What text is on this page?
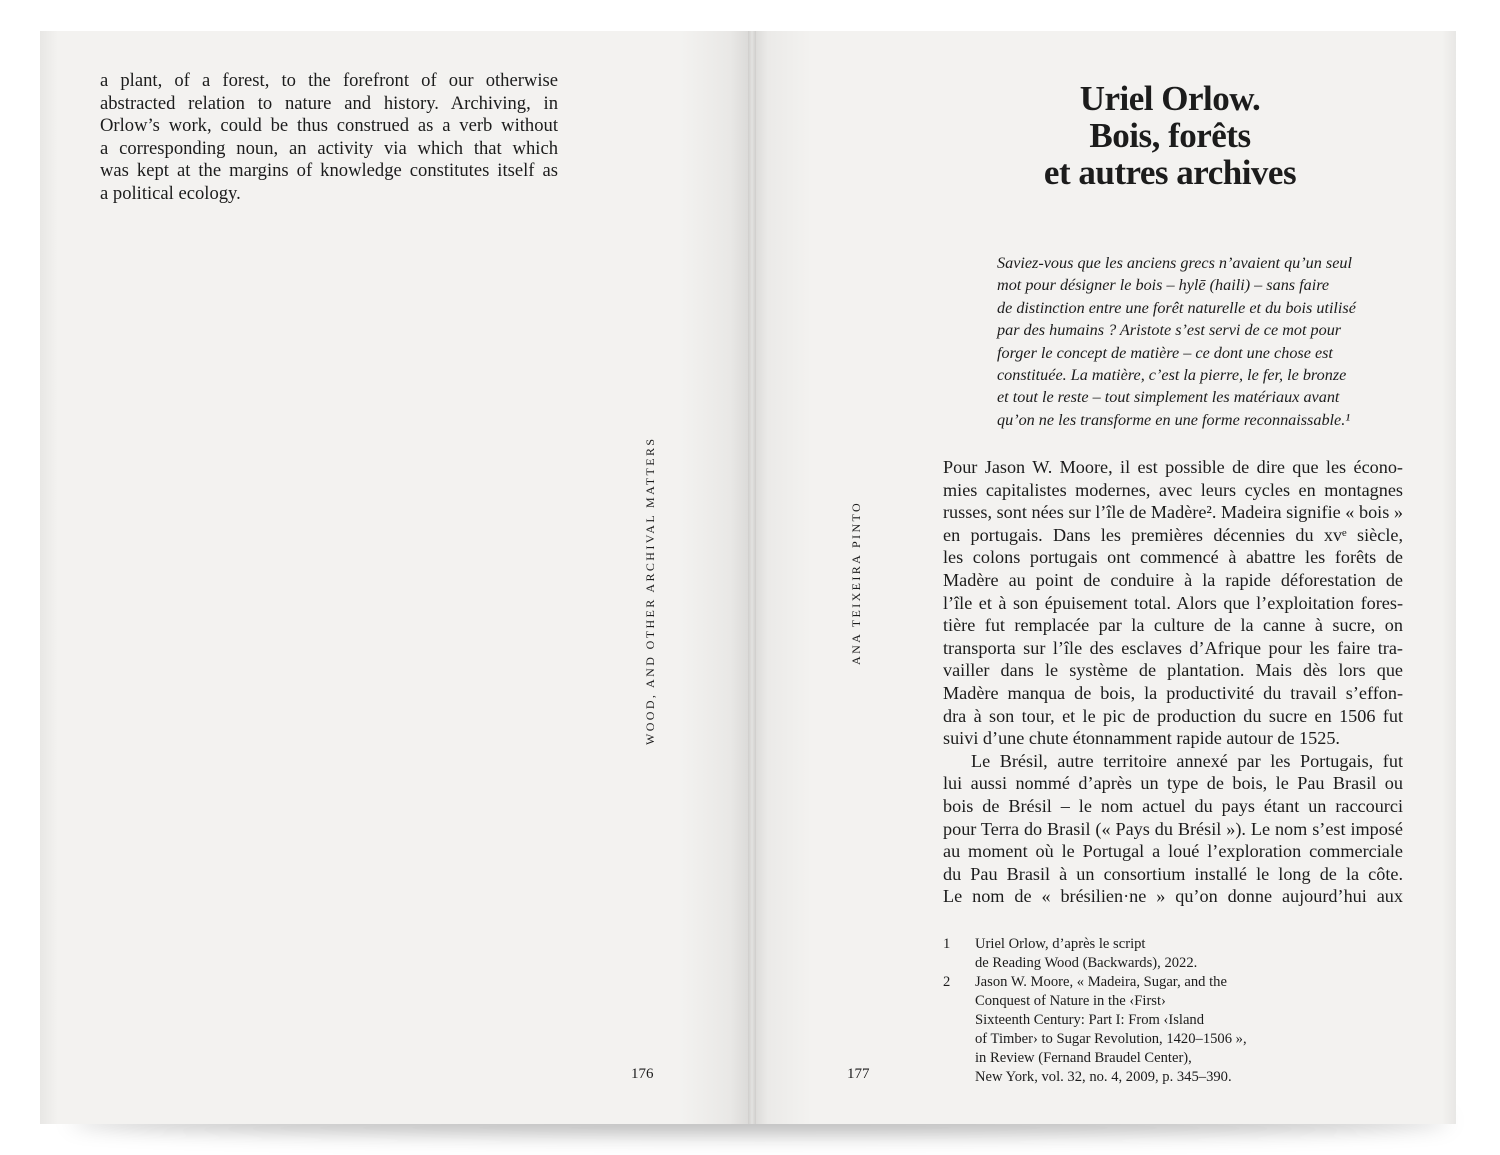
a plant, of a forest, to the forefront of our otherwise
abstracted relation to nature and history. Archiving, in
Orlow’s work, could be thus construed as a verb without
a corresponding noun, an activity via which that which
was kept at the margins of knowledge constitutes itself as
a political ecology.
WOOD, AND OTHER ARCHIVAL MATTERS
176
ANA TEIXEIRA PINTO
177
Uriel Orlow.
Bois, forêts
et autres archives
Saviez-vous que les anciens grecs n’avaient qu’un seul
mot pour désigner le bois – hylē (haili) – sans faire
de distinction entre une forêt naturelle et du bois utilisé
par des humains ? Aristote s’est servi de ce mot pour
forger le concept de matière – ce dont une chose est
constituée. La matière, c’est la pierre, le fer, le bronze
et tout le reste – tout simplement les matériaux avant
qu’on ne les transforme en une forme reconnaissable.¹
Pour Jason W. Moore, il est possible de dire que les écono-
mies capitalistes modernes, avec leurs cycles en montagnes
russes, sont nées sur l’île de Madère². Madeira signifie « bois »
en portugais. Dans les premières décennies du xvᵉ siècle,
les colons portugais ont commencé à abattre les forêts de
Madère au point de conduire à la rapide déforestation de
l’île et à son épuisement total. Alors que l’exploitation fores-
tière fut remplacée par la culture de la canne à sucre, on
transporta sur l’île des esclaves d’Afrique pour les faire tra-
vailler dans le système de plantation. Mais dès lors que
Madère manqua de bois, la productivité du travail s’effon-
dra à son tour, et le pic de production du sucre en 1506 fut
suivi d’une chute étonnamment rapide autour de 1525.
Le Brésil, autre territoire annexé par les Portugais, fut
lui aussi nommé d’après un type de bois, le Pau Brasil ou
bois de Brésil – le nom actuel du pays étant un raccourci
pour Terra do Brasil (« Pays du Brésil »). Le nom s’est imposé
au moment où le Portugal a loué l’exploration commerciale
du Pau Brasil à un consortium installé le long de la côte.
Le nom de « brésilien·ne » qu’on donne aujourd’hui aux
1 Uriel Orlow, d’après le script
de Reading Wood (Backwards), 2022.
2 Jason W. Moore, « Madeira, Sugar, and the
Conquest of Nature in the ‹First›
Sixteenth Century: Part I: From ‹Island
of Timber› to Sugar Revolution, 1420–1506 »,
in Review (Fernand Braudel Center),
New York, vol. 32, no. 4, 2009, p. 345–390.
